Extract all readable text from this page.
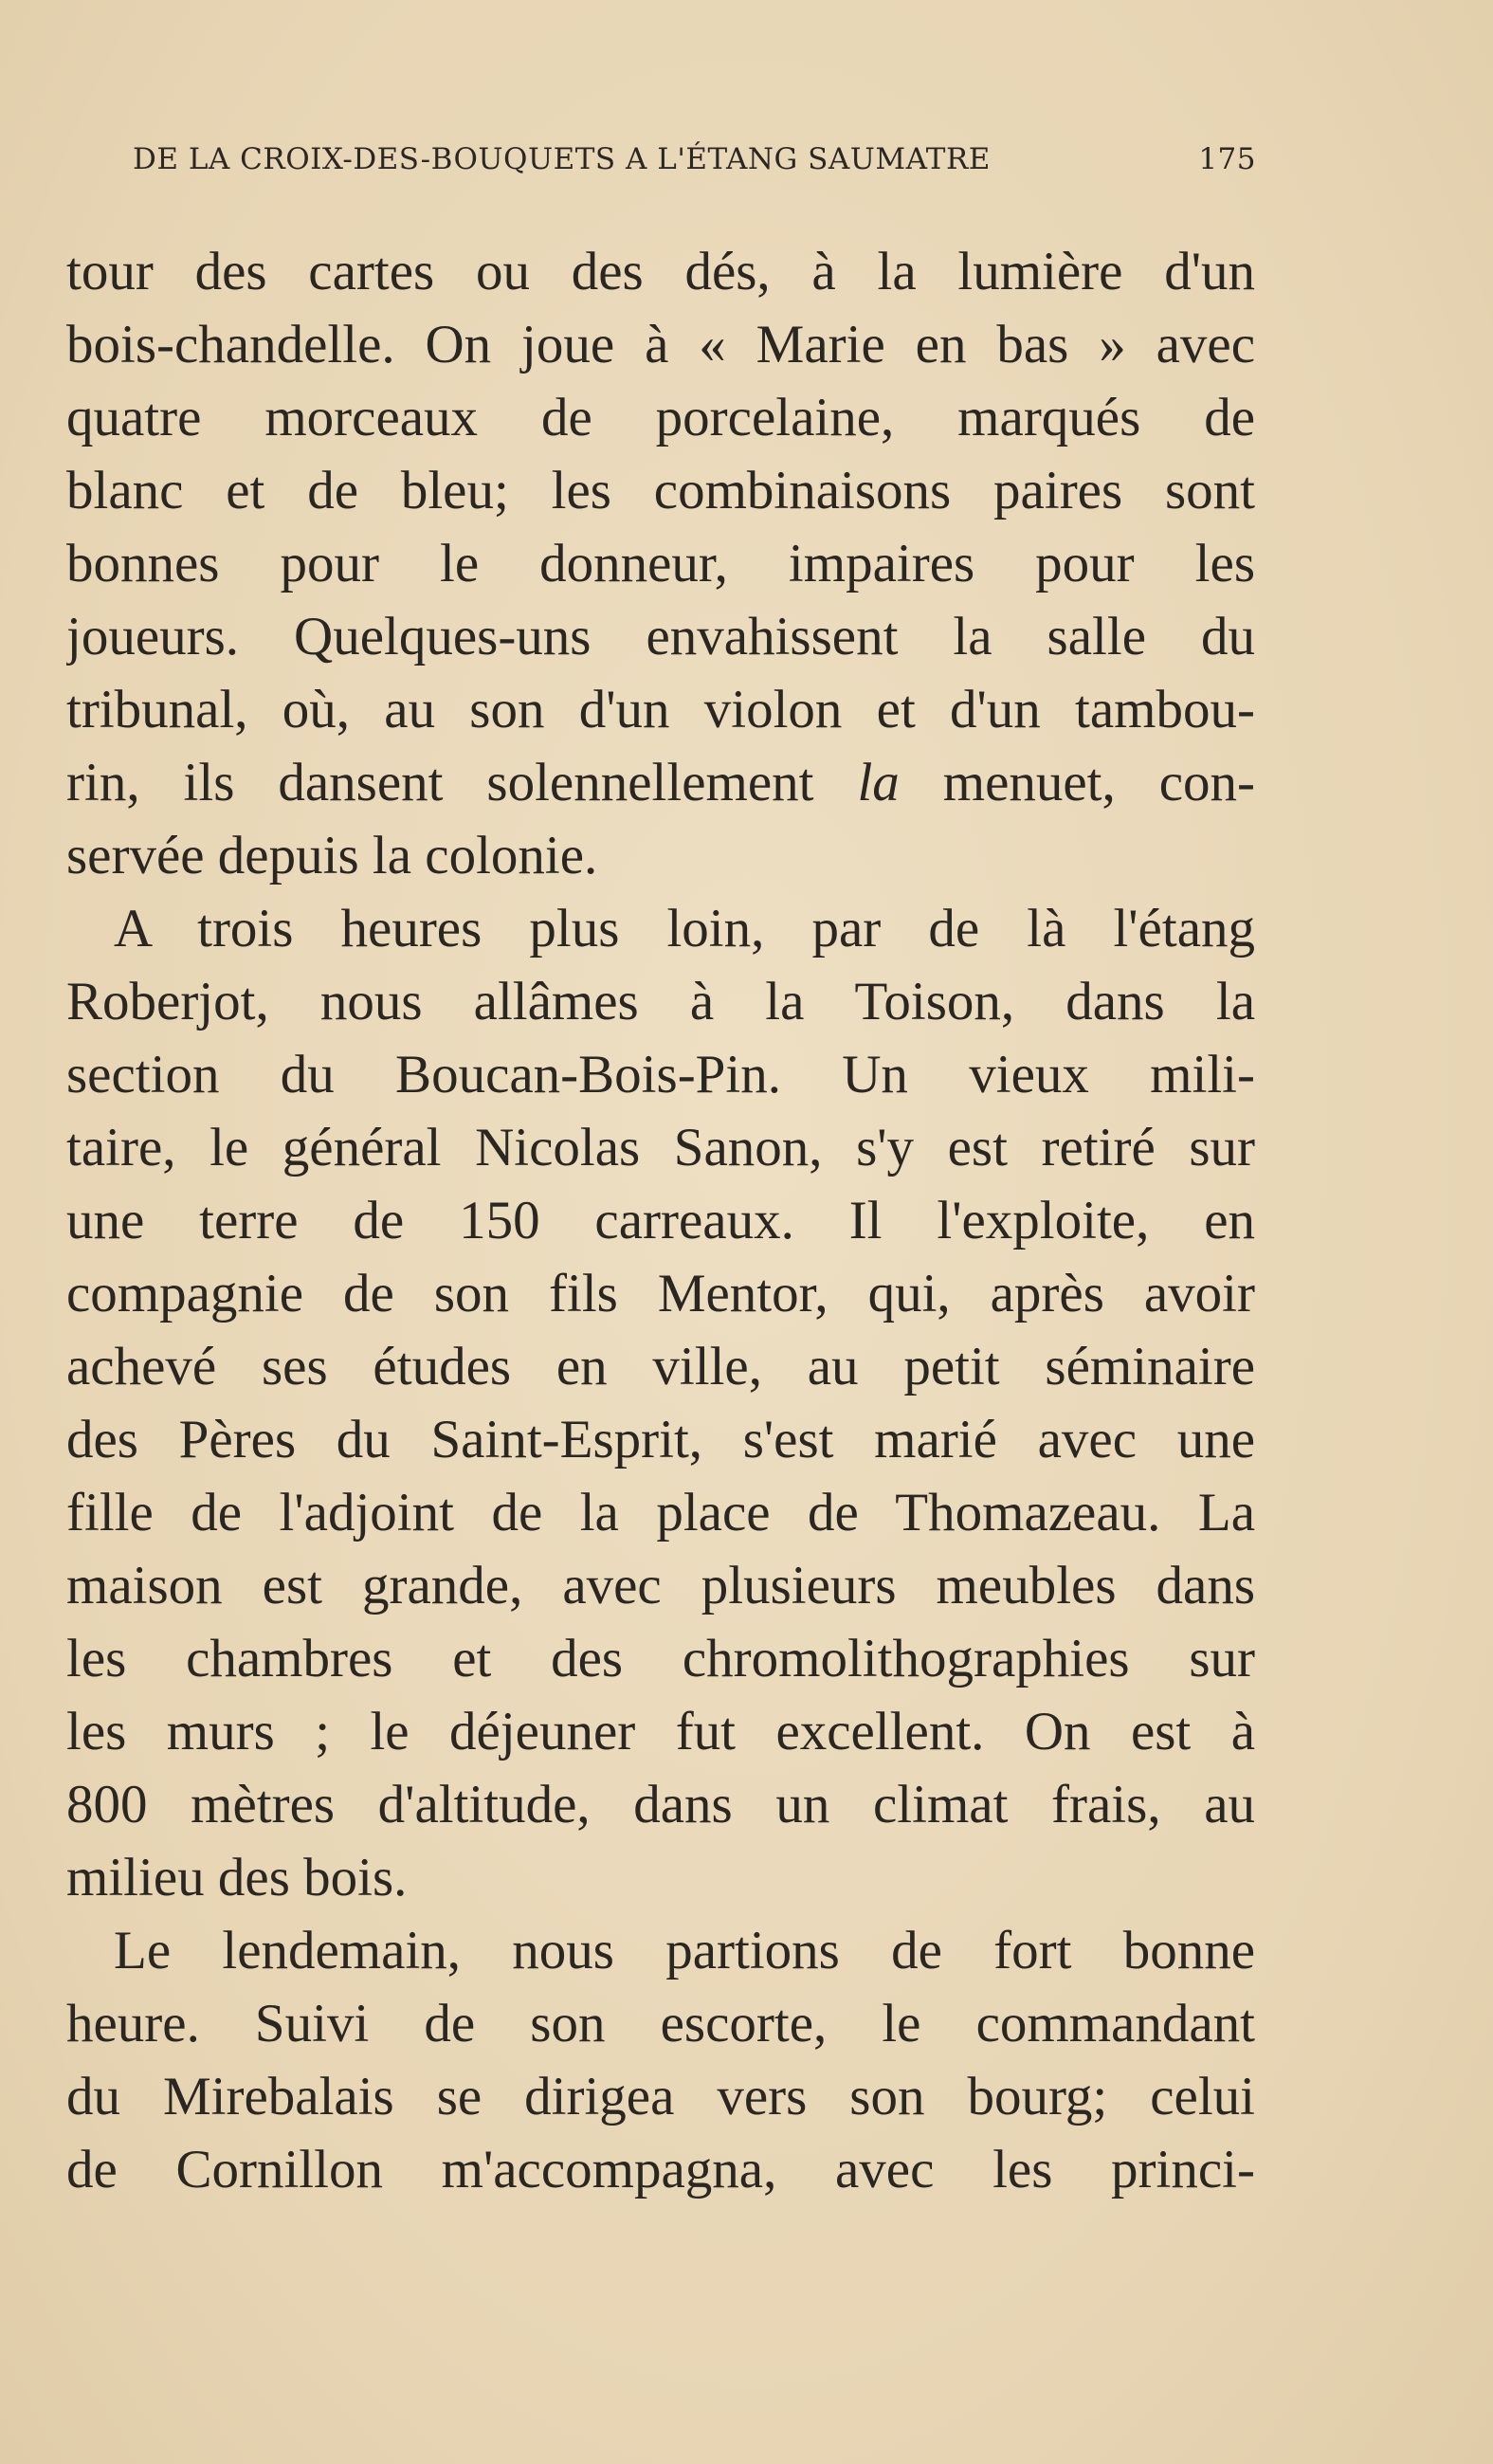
DE LA CROIX-DES-BOUQUETS A L'ÉTANG SAUMATRE	175
tour des cartes ou des dés, à la lumière d'un
bois-chandelle. On joue à « Marie en bas » avec
quatre morceaux de porcelaine, marqués de
blanc et de bleu; les combinaisons paires sont
bonnes pour le donneur, impaires pour les
joueurs. Quelques-uns envahissent la salle du
tribunal, où, au son d'un violon et d'un tambou-
rin, ils dansent solennellement la menuet, con-
servée depuis la colonie.
A trois heures plus loin, par de là l'étang
Roberjot, nous allâmes à la Toison, dans la
section du Boucan-Bois-Pin. Un vieux mili-
taire, le général Nicolas Sanon, s'y est retiré sur
une terre de 150 carreaux. Il l'exploite, en
compagnie de son fils Mentor, qui, après avoir
achevé ses études en ville, au petit séminaire
des Pères du Saint-Esprit, s'est marié avec une
fille de l'adjoint de la place de Thomazeau. La
maison est grande, avec plusieurs meubles dans
les chambres et des chromolithographies sur
les murs ; le déjeuner fut excellent. On est à
800 mètres d'altitude, dans un climat frais, au
milieu des bois.
Le lendemain, nous partions de fort bonne
heure. Suivi de son escorte, le commandant
du Mirebalais se dirigea vers son bourg; celui
de Cornillon m'accompagna, avec les princi-
